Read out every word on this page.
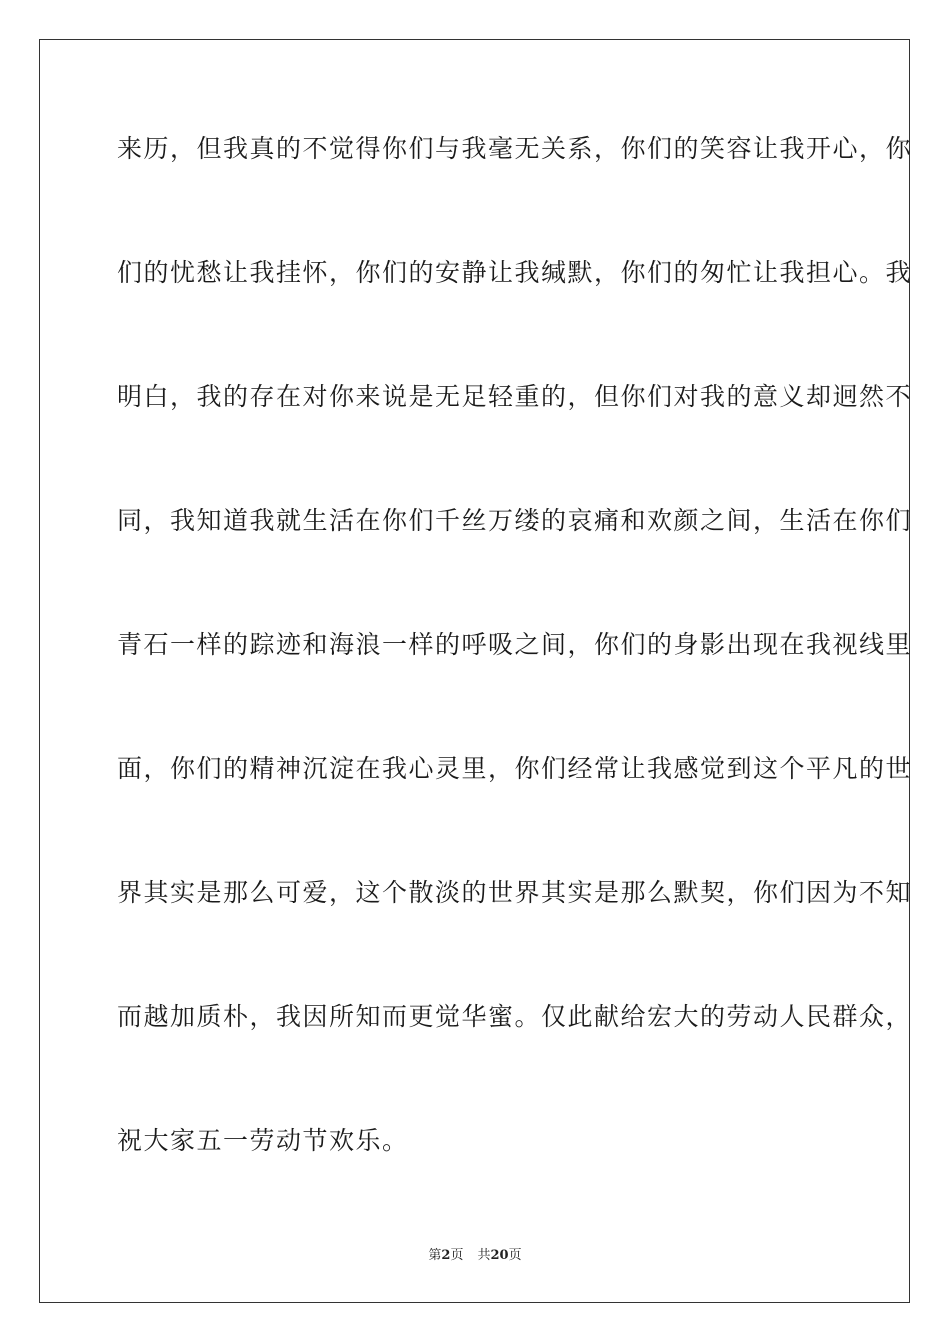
来历，但我真的不觉得你们与我毫无关系，你们的笑容让我开心，你
们的忧愁让我挂怀，你们的安静让我缄默，你们的匆忙让我担心。我
明白，我的存在对你来说是无足轻重的，但你们对我的意义却迥然不
同，我知道我就生活在你们千丝万缕的哀痛和欢颜之间，生活在你们
青石一样的踪迹和海浪一样的呼吸之间，你们的身影出现在我视线里
面，你们的精神沉淀在我心灵里，你们经常让我感觉到这个平凡的世
界其实是那么可爱，这个散淡的世界其实是那么默契，你们因为不知
而越加质朴，我因所知而更觉华蜜。仅此献给宏大的劳动人民群众，
祝大家五一劳动节欢乐。
第2页 共20页
